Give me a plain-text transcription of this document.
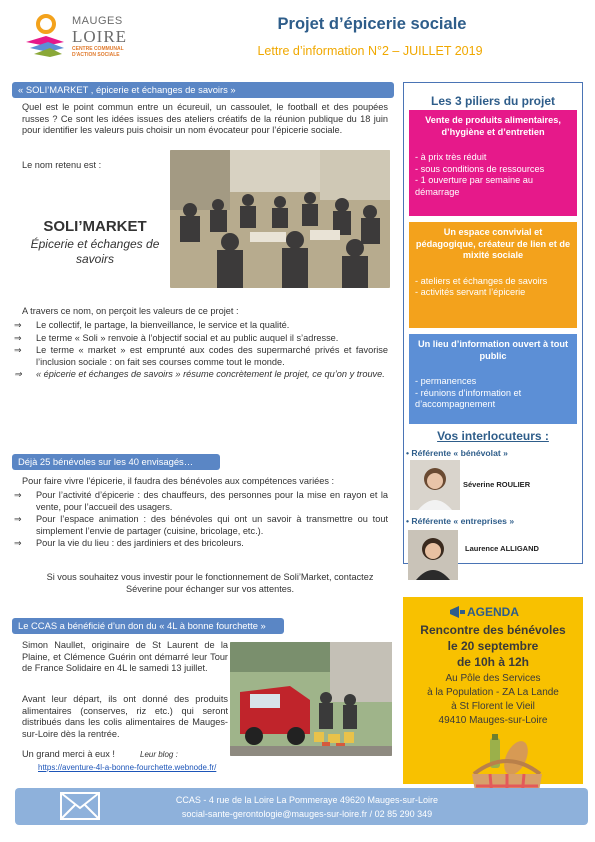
MAUGES
LOIRE
CENTRE COMMUNAL D'ACTION SOCIALE
Projet d’épicerie sociale
Lettre d’information N°2 – JUILLET 2019
« SOLI’MARKET , épicerie et échanges de savoirs »
Quel est le point commun entre un écureuil, un cassoulet, le football et des poupées russes ? Ce sont les idées issues des ateliers créatifs de la réunion publique du 18 juin pour identifier les valeurs puis choisir un nom évocateur pour l’épicerie sociale.
Le nom retenu est :
SOLI’MARKET
Épicerie et échanges de savoirs
A travers ce nom, on perçoit les valeurs de ce projet :
⇒ Le collectif, le partage, la bienveillance, le service et la qualité.
⇒ Le terme « Soli » renvoie à l’objectif social et au public auquel il s’adresse.
⇒ Le terme « market » est emprunté aux codes des supermarché privés et favorise l’inclusion sociale : on fait ses courses comme tout le monde.
⇒ « épicerie et échanges de savoirs » résume concrètement le projet, ce qu’on y trouve.
Déjà 25 bénévoles sur les 40 envisagés…
Pour faire vivre l’épicerie, il faudra des bénévoles aux compétences variées :
⇒ Pour l’activité d’épicerie : des chauffeurs, des personnes pour la mise en rayon et la vente, pour l’accueil des usagers.
⇒ Pour l’espace animation : des bénévoles qui ont un savoir à transmettre ou tout simplement l’envie de partager (cuisine, bricolage, etc.).
⇒ Pour la vie du lieu : des jardiniers et des bricoleurs.
Si vous souhaitez vous investir pour le fonctionnement de Soli’Market, contactez Séverine pour échanger sur vos attentes.
Le CCAS a bénéficié d’un don du « 4L à bonne fourchette »
Simon Naullet, originaire de St Laurent de la Plaine, et Clémence Guérin ont démarré leur Tour de France Solidaire en 4L le samedi 13 juillet.
Avant leur départ, ils ont donné des produits alimentaires (conserves, riz etc.) qui seront distribués dans les colis alimentaires de Mauges-sur-Loire dès la rentrée.
Un grand merci à eux !	Leur blog :
https://aventure-4l-a-bonne-fourchette.webnode.fr/
Les 3 piliers du projet
Vente de produits alimentaires, d’hygiène et d’entretien
- à prix très réduit
- sous conditions de ressources
- 1 ouverture par semaine au démarrage
Un espace convivial et pédagogique, créateur de lien et de mixité sociale
- ateliers et échanges de savoirs
- activités servant l’épicerie
Un lieu d’information ouvert à tout public
- permanences
- réunions d’information et d’accompagnement
Vos interlocuteurs :
• Référente « bénévolat »
Séverine ROULIER
• Référente « entreprises »
Laurence ALLIGAND
AGENDA
Rencontre des bénévoles
le 20 septembre
de 10h à 12h
Au Pôle des Services
à la Population - ZA La Lande
à St Florent le Vieil
49410 Mauges-sur-Loire
CCAS - 4 rue de la Loire La Pommeraye 49620 Mauges-sur-Loire
social-sante-gerontologie@mauges-sur-loire.fr / 02 85 290 349
